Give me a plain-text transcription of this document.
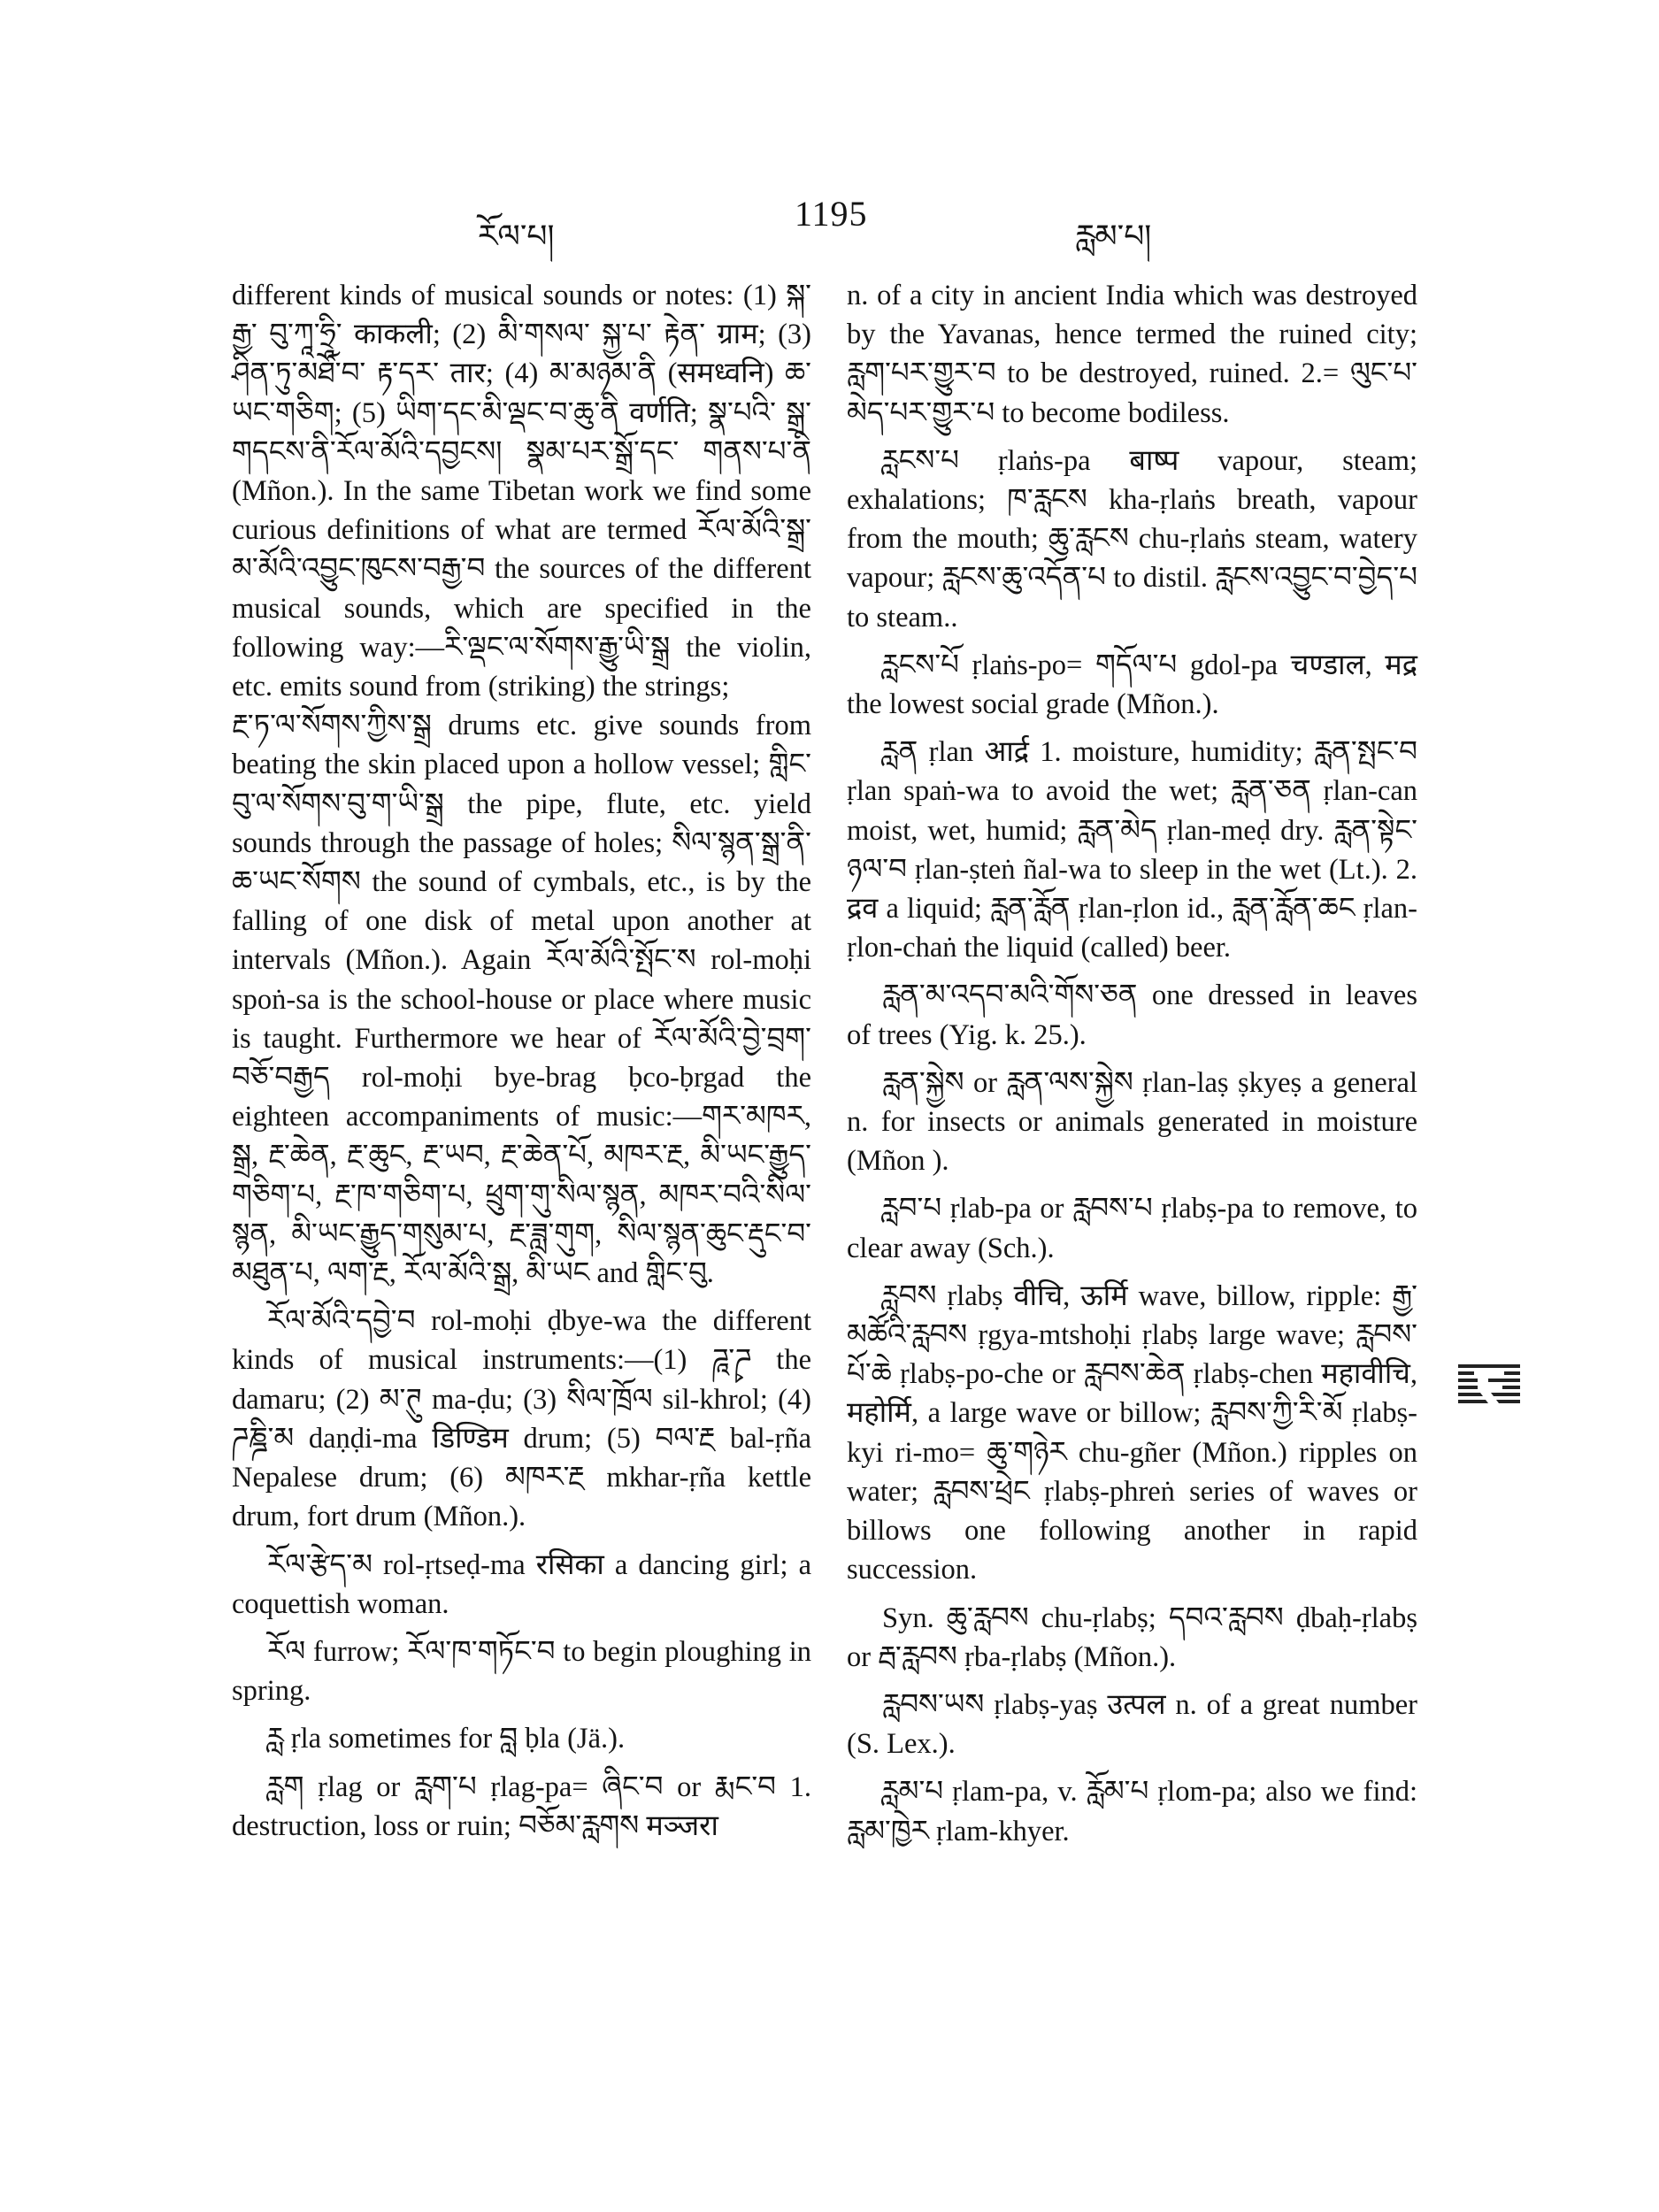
རོལ་པ།
1195
རླམ་པ།

different kinds of musical sounds or notes: (1) སྐ་རྒྱ་ བུ་ཀཱ་ཧྲཱི་ काकली; (2) མི་གསལ་ སྐྱ་པ་ རྟེན་ ग्राम; (3) ཤིན་ཏུ་མཐོ་བ་ རྟ་དར་ तार; (4) མ་མཉམ་ནི (समध्वनि) ཆ་ཡང་གཅིག; (5) ཡིག་དང་མི་ལྡང་བ་ཆུ་ནི वर्णति; སྣ་པའི་ སྒྲ་གདངས་ནི་རོལ་མོའི་དབྱངས། སྣམ་པར་སྒྲོ་དང་ གནས་པ་ནི (Mñon.). In the same Tibetan work we find some curious definitions of what are termed རོལ་མོའི་སྒྲ་མ་མོའི་འབྱུང་ཁུངས་བརྒྱ་བ the sources of the different musical sounds, which are specified in the following way:—རི་ལྡང་ལ་སོགས་རྒྱུ་ཡི་སྒྲ the violin, etc. emits sound from (striking) the strings;

རྔ་ཏ་ལ་སོགས་ཀྱིས་སྒྲ drums etc. give sounds from beating the skin placed upon a hollow vessel; གླིང་བུ་ལ་སོགས་བུ་ག་ཡི་སྒྲ the pipe, flute, etc. yield sounds through the passage of holes; སིལ་སྙན་སྒྲ་ནི་ཆ་ཡང་སོགས the sound of cymbals, etc., is by the falling of one disk of metal upon another at intervals (Mñon.). Again རོལ་མོའི་སྤོང་ས rol-moḥi spoṅ-sa is the school-house or place where music is taught. Furthermore we hear of རོལ་མོའི་བྱེ་བྲག་བཅོ་བརྒྱད rol-moḥi bye-brag ḅco-ḅrgad the eighteen accompaniments of music:—གར་མཁར, སྒྲ, རྔ་ཆེན, རྔ་ཆུང, རྔ་ཡབ, རྔ་ཆེན་པོ, མཁར་རྔ, མི་ཡང་རྒྱུད་གཅིག་པ, རྔ་ཁ་གཅིག་པ, ཕྲུག་གུ་སིལ་སྙན, མཁར་བའི་སིལ་སྙན, མི་ཡང་རྒྱུད་གསུམ་པ, རྔ་ཟླ་གུག, སིལ་སྙན་ཆུང་རྡུང་བ་མཐུན་པ, ལག་རྔ, རོལ་མོའི་སྒྲ, མི་ཡང and གླིང་བུ.

རོལ་མོའི་དབྱེ་བ rol-moḥi ḍbye-wa the different kinds of musical instruments:—(1) ཌཱ་ཌྭ the damaru; (2) མ་ཊུ ma-ḍu; (3) སིལ་ཁྲོལ sil-khrol; (4) ཌཎྜི་མ daṇḍi-ma डिण्डिम drum; (5) བལ་རྔ bal-ṛña Nepalese drum; (6) མཁར་རྔ mkhar-ṛña kettle drum, fort drum (Mñon.).

རོལ་རྩེད་མ rol-ṛtseḍ-ma रसिका a dancing girl; a coquettish woman.

རོལ furrow; རོལ་ཁ་གཏོང་བ to begin ploughing in spring.

ཪླ ṛla sometimes for བླ ḅla (Jä.).

ཪླག ṛlag or རླག་པ ṛlag-pa= ཞིང་བ or རྨང་བ 1. destruction, loss or ruin; བཅོམ་རླགས मञ्जरा

n. of a city in ancient India which was destroyed by the Yavanas, hence termed the ruined city; རླག་པར་གྱུར་བ to be destroyed, ruined. 2.= ལུང་པ་མེད་པར་གྱུར་པ to become bodiless.

ཪླངས་པ ṛlaṅs-pa बाष्प vapour, steam; exhalations; ཁ་རླངས kha-ṛlaṅs breath, vapour from the mouth; ཆུ་རླངས chu-ṛlaṅs steam, watery vapour; རླངས་ཆུ་འདོན་པ to distil. རླངས་འབྱུང་བ་བྱེད་པ to steam..

ཪླངས་པོ ṛlaṅs-po= གདོལ་པ gdol-pa चण्डाल, मद्र the lowest social grade (Mñon.).

ཪླན ṛlan आर्द्र 1. moisture, humidity; རླན་སྤང་བ ṛlan spaṅ-wa to avoid the wet; རླན་ཅན ṛlan-can moist, wet, humid; རླན་མེད ṛlan-meḍ dry. རླན་སྟེང་ཉལ་བ ṛlan-ṣteṅ ñal-wa to sleep in the wet (Lt.). 2. द्रव a liquid; རླན་རློན ṛlan-ṛlon id., རླན་རློན་ཆང ṛlan-ṛlon-chaṅ the liquid (called) beer.

རླན་མ་འདབ་མའི་གོས་ཅན one dressed in leaves of trees (Yig. k. 25.).

རླན་སྐྱེས or རླན་ལས་སྐྱེས ṛlan-laṣ ṣkyeṣ a general n. for insects or animals generated in moisture (Mñon ).

ཪླབ་པ ṛlab-pa or རླབས་པ ṛlabṣ-pa to remove, to clear away (Sch.).

ཪླབས ṛlabṣ वीचि, ऊर्मि wave, billow, ripple: རྒྱ་མཚོའི་རླབས ṛgya-mtshoḥi ṛlabṣ large wave; རླབས་པོ་ཆེ ṛlabṣ-po-che or རླབས་ཆེན ṛlabṣ-chen महावीचि, महोर्मि, a large wave or billow; རླབས་ཀྱི་རི་མོ ṛlabṣ-kyi ri-mo= ཆུ་གཉེར chu-gñer (Mñon.) ripples on water; རླབས་ཕྲེང ṛlabṣ-phreṅ series of waves or billows one following another in rapid succession.

Syn. ཆུ་རླབས chu-ṛlabṣ; དབའ་རླབས ḍbaḥ-ṛlabṣ or རྦ་རླབས ṛba-ṛlabṣ (Mñon.).

རླབས་ཡས ṛlabṣ-yaṣ उत्पल n. of a great number (S. Lex.).

ཪླམ་པ ṛlam-pa, v. རློམ་པ ṛlom-pa; also we find: རླམ་ཁྱེར ṛlam-khyer.
